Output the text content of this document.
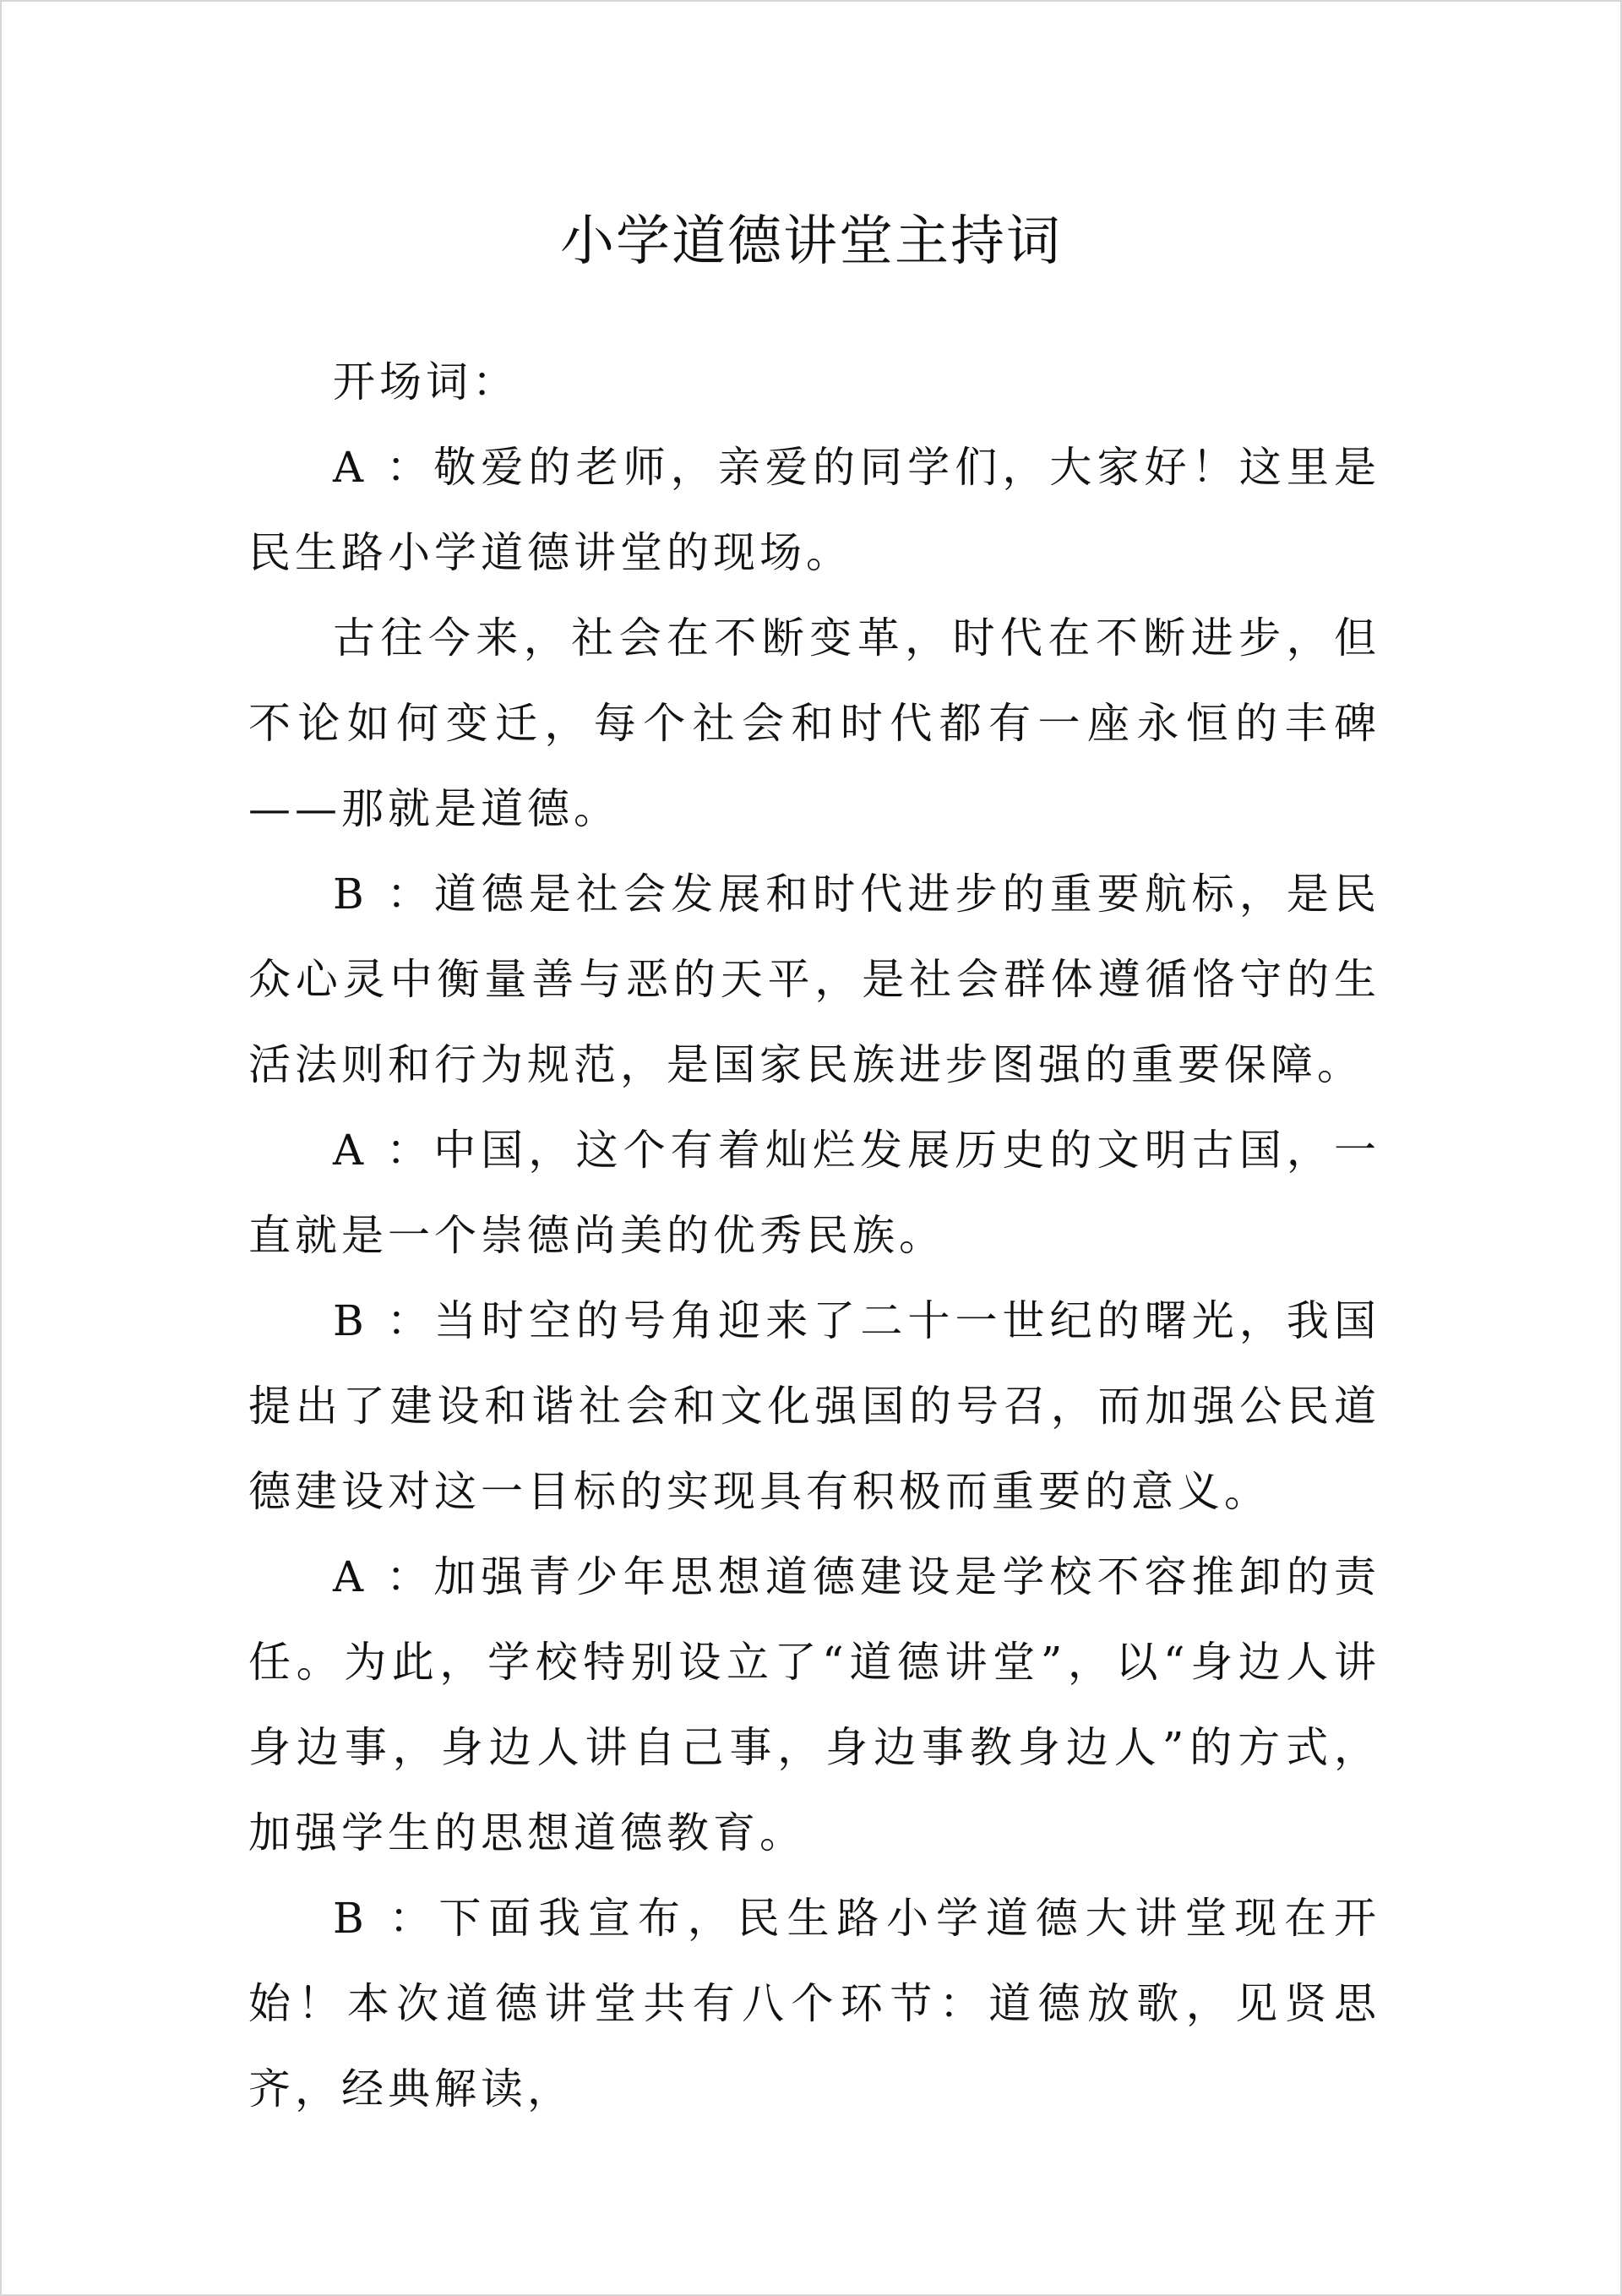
小学道德讲堂主持词

开场词：

A ：敬爱的老师，亲爱的同学们，大家好！这里是 民生路小学道德讲堂的现场。

古往今来，社会在不断变革，时代在不断进步，但不论如何变迁，每个社会和时代都有一座永恒的丰碑——那就是道德。

B ：道德是社会发展和时代进步的重要航标，是民众心灵中衡量善与恶的天平，是社会群体遵循恪守的生活法则和行为规范，是国家民族进步图强的重要保障。

A ：中国，这个有着灿烂发展历史的文明古国，一直就是一个崇德尚美的优秀民族。

B ：当时空的号角迎来了二十一世纪的曙光，我国提出了建设和谐社会和文化强国的号召，而加强公民道德建设对这一目标的实现具有积极而重要的意义。

A ：加强青少年思想道德建设是学校不容推卸的责任。为此，学校特别设立了“道德讲堂”，以“身边人讲身边事，身边人讲自己事，身边事教身边人”的方式，加强学生的思想道德教育。

B ：下面我宣布，民生路小学道德大讲堂现在开始！本次道德讲堂共有八个环节：道德放歌，见贤思齐，经典解读，
